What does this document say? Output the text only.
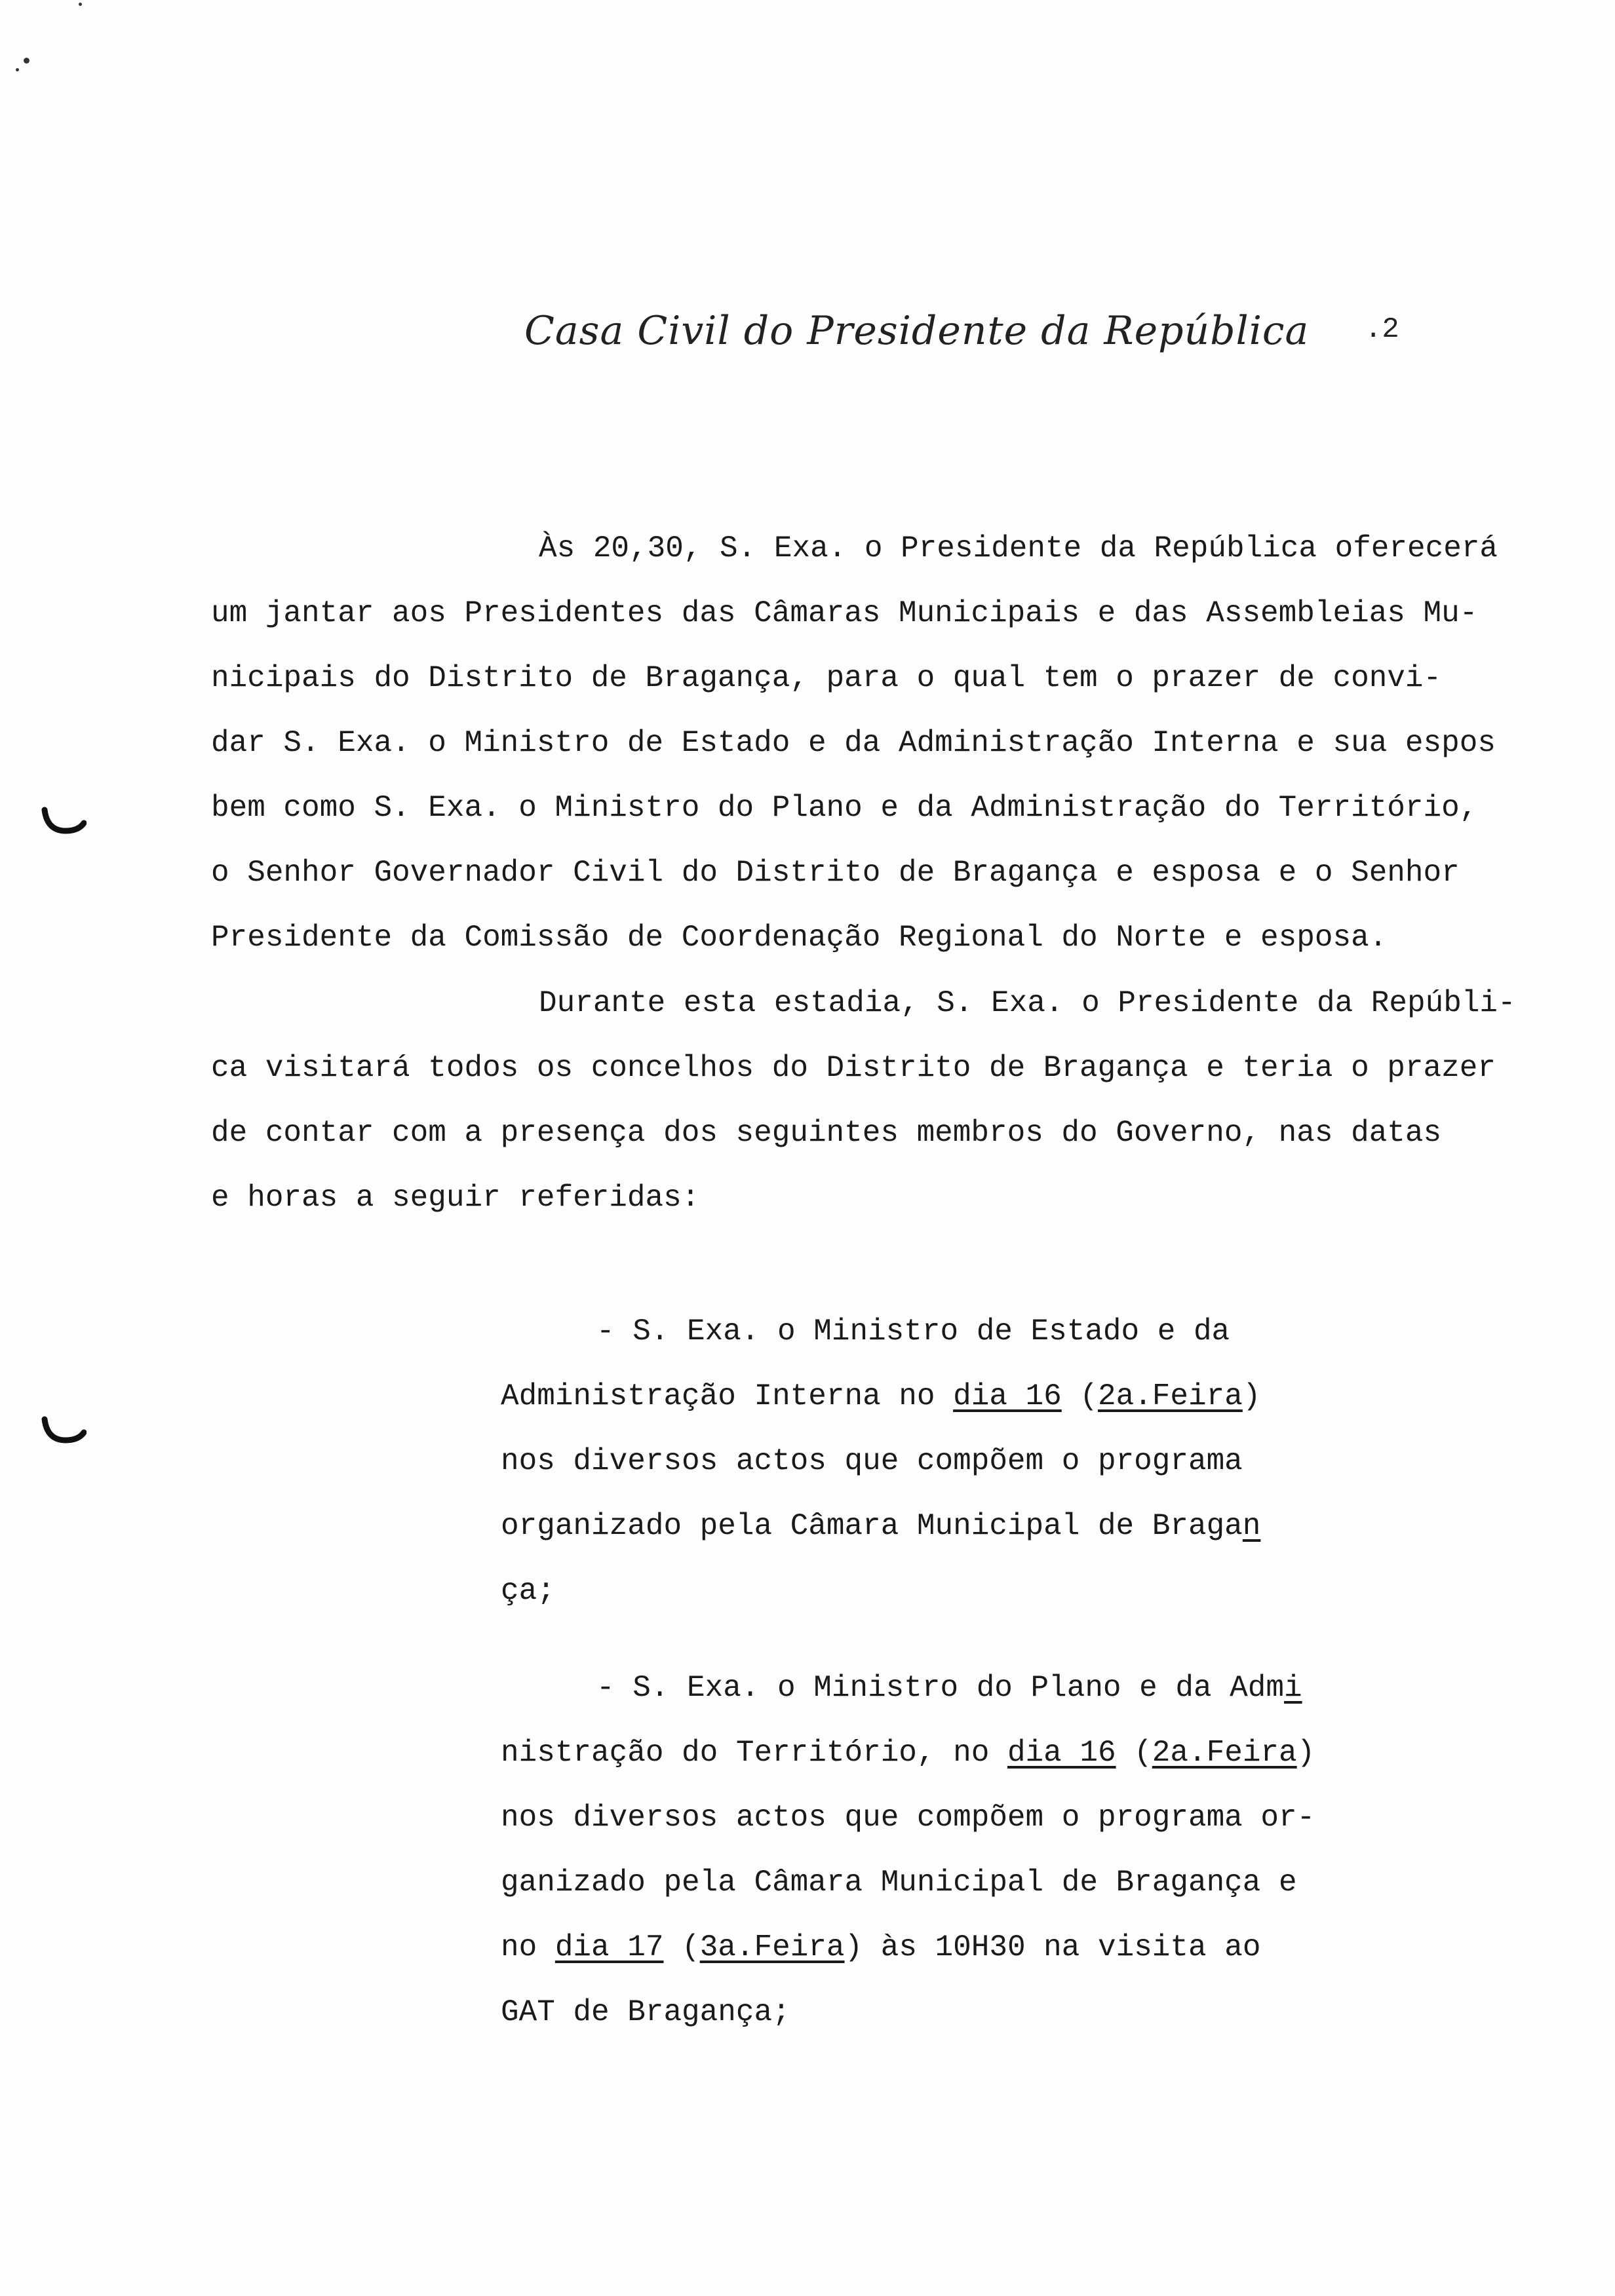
Casa Civil do Presidente da República .2
Às 20,30, S. Exa. o Presidente da República oferecerá
um jantar aos Presidentes das Câmaras Municipais e das Assembleias Mu-
nicipais do Distrito de Bragança, para o qual tem o prazer de convi-
dar S. Exa. o Ministro de Estado e da Administração Interna e sua espos
bem como S. Exa. o Ministro do Plano e da Administração do Território,
o Senhor Governador Civil do Distrito de Bragança e esposa e o Senhor
Presidente da Comissão de Coordenação Regional do Norte e esposa.
Durante esta estadia, S. Exa. o Presidente da Repúbli-
ca visitará todos os concelhos do Distrito de Bragança e teria o prazer
de contar com a presença dos seguintes membros do Governo, nas datas
e horas a seguir referidas:
- S. Exa. o Ministro de Estado e da
Administração Interna no dia 16 (2a.Feira)
nos diversos actos que compõem o programa
organizado pela Câmara Municipal de Bragan
ça;
- S. Exa. o Ministro do Plano e da Admi
nistração do Território, no dia 16 (2a.Feira)
nos diversos actos que compõem o programa or-
ganizado pela Câmara Municipal de Bragança e
no dia 17 (3a.Feira) às 10H30 na visita ao
GAT de Bragança;
